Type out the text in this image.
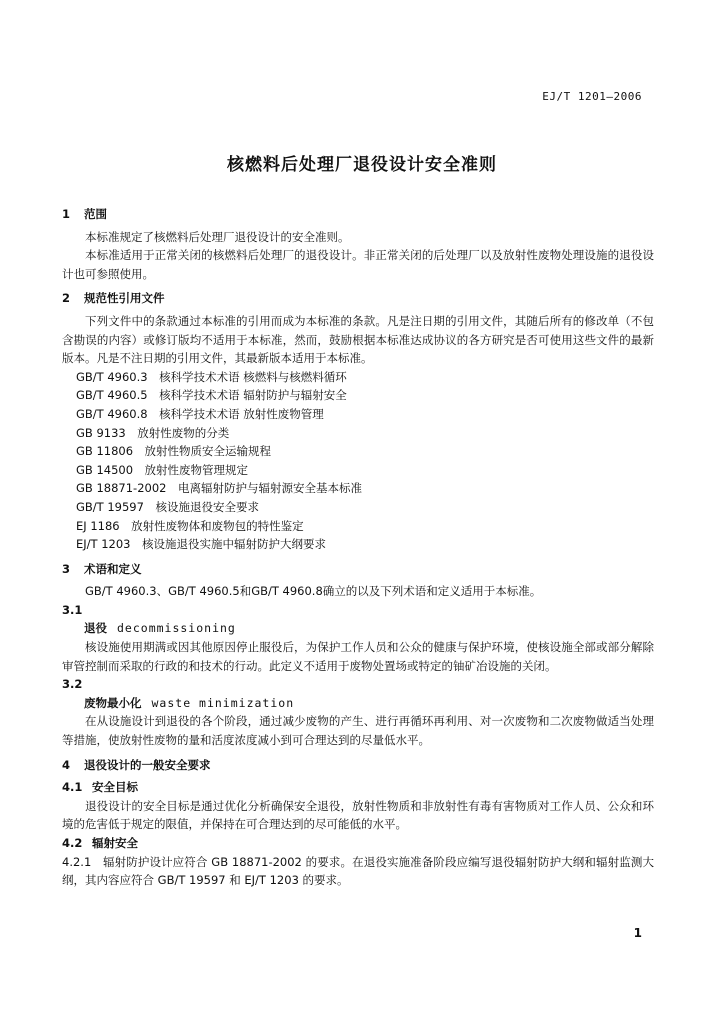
EJ/T 1201—2006
核燃料后处理厂退役设计安全准则

1 范围

本标准规定了核燃料后处理厂退役设计的安全准则。

本标准适用于正常关闭的核燃料后处理厂的退役设计。非正常关闭的后处理厂以及放射性废物处理设施的退役设计也可参照使用。

2 规范性引用文件

下列文件中的条款通过本标准的引用而成为本标准的条款。凡是注日期的引用文件，其随后所有的修改单（不包含勘误的内容）或修订版均不适用于本标准，然而，鼓励根据本标准达成协议的各方研究是否可使用这些文件的最新版本。凡是不注日期的引用文件，其最新版本适用于本标准。

GB/T 4960.3　核科学技术术语 核燃料与核燃料循环

GB/T 4960.5　核科学技术术语 辐射防护与辐射安全

GB/T 4960.8　核科学技术术语 放射性废物管理

GB 9133　放射性废物的分类

GB 11806　放射性物质安全运输规程

GB 14500　放射性废物管理规定

GB 18871-2002　电离辐射防护与辐射源安全基本标准

GB/T 19597　核设施退役安全要求

EJ 1186　放射性废物体和废物包的特性鉴定

EJ/T 1203　核设施退役实施中辐射防护大纲要求

3 术语和定义

GB/T 4960.3、GB/T 4960.5和GB/T 4960.8确立的以及下列术语和定义适用于本标准。

3.1

退役 decommissioning

核设施使用期满或因其他原因停止服役后，为保护工作人员和公众的健康与保护环境，使核设施全部或部分解除审管控制而采取的行政的和技术的行动。此定义不适用于废物处置场或特定的铀矿冶设施的关闭。

3.2

废物最小化 waste minimization

在从设施设计到退役的各个阶段，通过减少废物的产生、进行再循环再利用、对一次废物和二次废物做适当处理等措施，使放射性废物的量和活度浓度减小到可合理达到的尽量低水平。

4 退役设计的一般安全要求

4.1 安全目标

退役设计的安全目标是通过优化分析确保安全退役，放射性物质和非放射性有毒有害物质对工作人员、公众和环境的危害低于规定的限值，并保持在可合理达到的尽可能低的水平。

4.2 辐射安全

4.2.1　辐射防护设计应符合 GB 18871-2002 的要求。在退役实施准备阶段应编写退役辐射防护大纲和辐射监测大纲，其内容应符合 GB/T 19597 和 EJ/T 1203 的要求。

1
